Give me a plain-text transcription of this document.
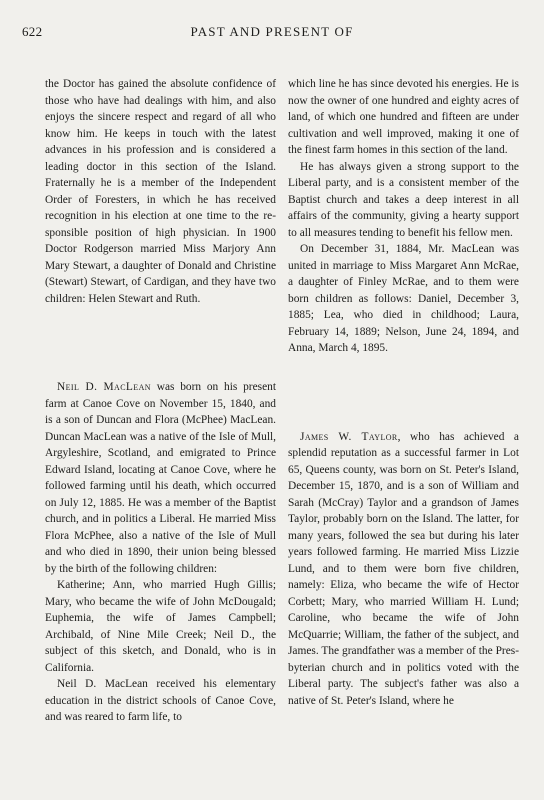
622	PAST AND PRESENT OF

the Doctor has gained the absolute confidence of those who have had dealings with him, and also enjoys the sincere respect and regard of all who know him. He keeps in touch with the latest advances in his profession and is considered a leading doctor in this section of the Island. Fraternally he is a member of the Independent Order of Foresters, in which he has received recognition in his election at one time to the responsible position of high physician. In 1900 Doctor Rodgerson married Miss Marjory Ann Mary Stewart, a daughter of Donald and Christine (Stewart) Stewart, of Cardigan, and they have two children: Helen Stewart and Ruth.

Neil D. MacLean was born on his present farm at Canoe Cove on November 15, 1840, and is a son of Duncan and Flora (McPhee) MacLean. Duncan MacLean was a native of the Isle of Mull, Argyleshire, Scotland, and emigrated to Prince Edward Island, locating at Canoe Cove, where he followed farming until his death, which occurred on July 12, 1885. He was a member of the Baptist church, and in politics a Liberal. He married Miss Flora McPhee, also a native of the Isle of Mull and who died in 1890, their union being blessed by the birth of the following children:

Katherine; Ann, who married Hugh Gillis; Mary, who became the wife of John McDougald; Euphemia, the wife of James Campbell; Archibald, of Nine Mile Creek; Neil D., the subject of this sketch, and Donald, who is in California.

Neil D. MacLean received his elementary education in the district schools of Canoe Cove, and was reared to farm life, to

which line he has since devoted his energies. He is now the owner of one hundred and eighty acres of land, of which one hundred and fifteen are under cultivation and well improved, making it one of the finest farm homes in this section of the land.

He has always given a strong support to the Liberal party, and is a consistent member of the Baptist church and takes a deep interest in all affairs of the community, giving a hearty support to all measures tending to benefit his fellow men.

On December 31, 1884, Mr. MacLean was united in marriage to Miss Margaret Ann McRae, a daughter of Finley McRae, and to them were born children as follows: Daniel, December 3, 1885; Lea, who died in childhood; Laura, February 14, 1889; Nelson, June 24, 1894, and Anna, March 4, 1895.

James W. Taylor, who has achieved a splendid reputation as a successful farmer in Lot 65, Queens county, was born on St. Peter's Island, December 15, 1870, and is a son of William and Sarah (McCray) Taylor and a grandson of James Taylor, probably born on the Island. The latter, for many years, followed the sea but during his later years followed farming. He married Miss Lizzie Lund, and to them were born five children, namely: Eliza, who became the wife of Hector Corbett; Mary, who married William H. Lund; Caroline, who became the wife of John McQuarrie; William, the father of the subject, and James. The grandfather was a member of the Presbyterian church and in politics voted with the Liberal party. The subject's father was also a native of St. Peter's Island, where he
